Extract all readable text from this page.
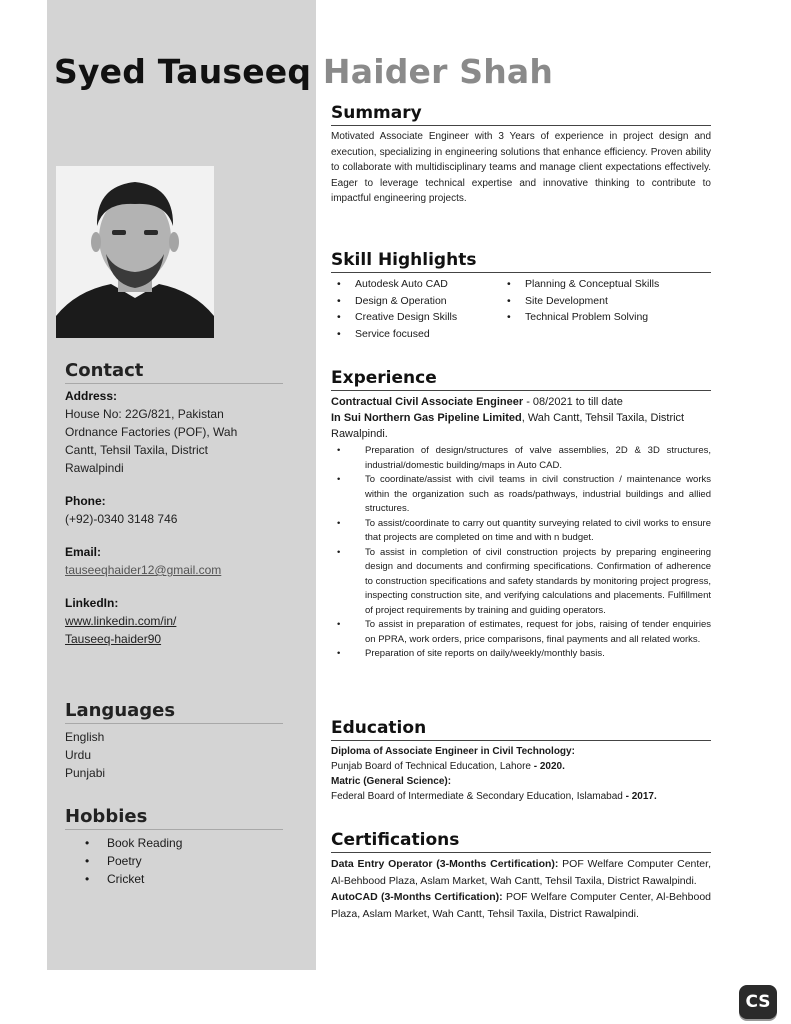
Syed Tauseeq Haider Shah
Contact
Address:
House No: 22G/821, Pakistan
Ordnance Factories (POF), Wah
Cantt, Tehsil Taxila, District
Rawalpindi
Phone:
(+92)-0340 3148 746
Email:
tauseeqhaider12@gmail.com
LinkedIn:
www.linkedin.com/in/
Tauseeq-haider90
Languages
English
Urdu
Punjabi
Hobbies
•
Book Reading
•
Poetry
•
Cricket
Summary
Motivated Associate Engineer with 3 Years of experience in project design and execution, specializing in engineering solutions that enhance efficiency. Proven ability to collaborate with multidisciplinary teams and manage client expectations effectively. Eager to leverage technical expertise and innovative thinking to contribute to impactful engineering projects.
Skill Highlights
• Autodesk Auto CAD
• Design & Operation
• Creative Design Skills
• Service focused
• Planning & Conceptual Skills
• Site Development
• Technical Problem Solving
Experience
Contractual Civil Associate Engineer - 08/2021 to till date
In Sui Northern Gas Pipeline Limited, Wah Cantt, Tehsil Taxila, District Rawalpindi.
• Preparation of design/structures of valve assemblies, 2D & 3D structures, industrial/domestic building/maps in Auto CAD.
• To coordinate/assist with civil teams in civil construction / maintenance works within the organization such as roads/pathways, industrial buildings and allied structures.
• To assist/coordinate to carry out quantity surveying related to civil works to ensure that projects are completed on time and with n budget.
• To assist in completion of civil construction projects by preparing engineering design and documents and confirming specifications. Confirmation of adherence to construction specifications and safety standards by monitoring project progress, inspecting construction site, and verifying calculations and placements. Fulfillment of project requirements by training and guiding operators.
• To assist in preparation of estimates, request for jobs, raising of tender enquiries on PPRA, work orders, price comparisons, final payments and all related works.
• Preparation of site reports on daily/weekly/monthly basis.
Education
Diploma of Associate Engineer in Civil Technology:
Punjab Board of Technical Education, Lahore - 2020.
Matric (General Science):
Federal Board of Intermediate & Secondary Education, Islamabad - 2017.
Certifications
Data Entry Operator (3-Months Certification): POF Welfare Computer Center, Al-Behbood Plaza, Aslam Market, Wah Cantt, Tehsil Taxila, District Rawalpindi.
AutoCAD (3-Months Certification): POF Welfare Computer Center, Al-Behbood Plaza, Aslam Market, Wah Cantt, Tehsil Taxila, District Rawalpindi.
CS
